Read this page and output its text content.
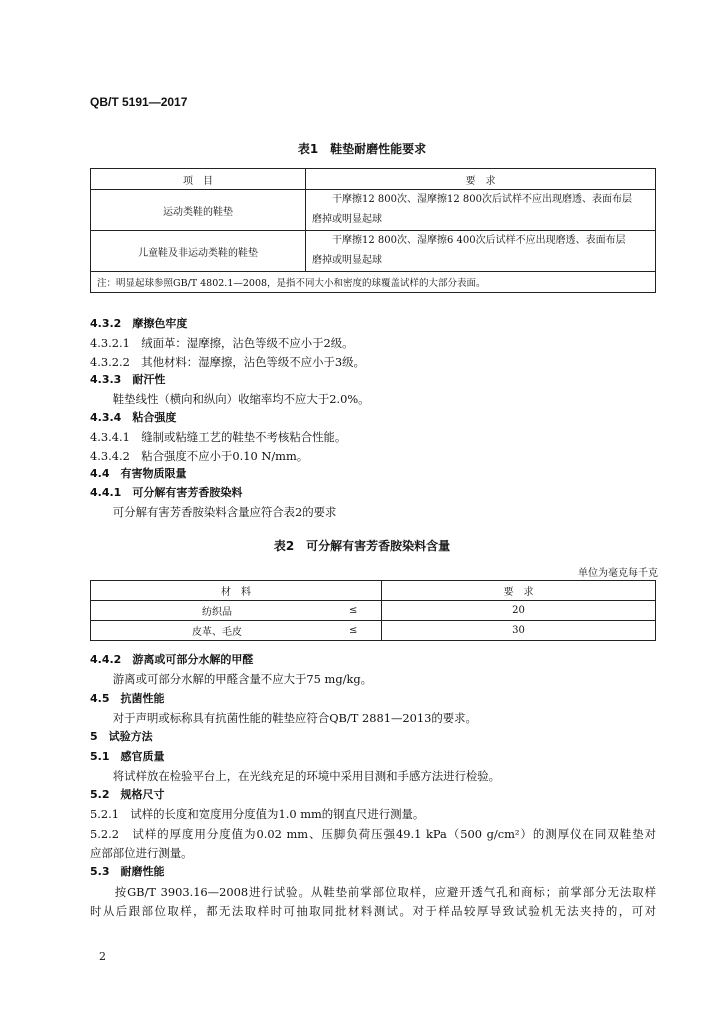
QB/T 5191—2017
表1　鞋垫耐磨性能要求
项　目	要　求
运动类鞋的鞋垫	干摩擦12 800次、湿摩擦12 800次后试样不应出现磨透、表面布层
磨掉或明显起球

儿童鞋及非运动类鞋的鞋垫	干摩擦12 800次、湿摩擦6 400次后试样不应出现磨透、表面布层
磨掉或明显起球

注：明显起球参照GB/T 4802.1—2008，是指不同大小和密度的球覆盖试样的大部分表面。	
4.3.2　摩擦色牢度
4.3.2.1　绒面革：湿摩擦，沾色等级不应小于2级。
4.3.2.2　其他材料：湿摩擦，沾色等级不应小于3级。
4.3.3　耐汗性
　　鞋垫线性（横向和纵向）收缩率均不应大于2.0%。
4.3.4　粘合强度
4.3.4.1　缝制或粘缝工艺的鞋垫不考核粘合性能。
4.3.4.2　粘合强度不应小于0.10 N/mm。
4.4　有害物质限量
4.4.1　可分解有害芳香胺染料
　　可分解有害芳香胺染料含量应符合表2的要求
表2　可分解有害芳香胺染料含量
单位为毫克每千克
材　料		要　求
纺织品	≤	20
皮革、毛皮	≤	30
4.4.2　游离或可部分水解的甲醛
　　游离或可部分水解的甲醛含量不应大于75 mg/kg。
4.5　抗菌性能
　　对于声明或标称具有抗菌性能的鞋垫应符合QB/T 2881—2013的要求。
5　试验方法
5.1　感官质量
　　将试样放在检验平台上，在光线充足的环境中采用目测和手感方法进行检验。
5.2　规格尺寸
5.2.1　试样的长度和宽度用分度值为1.0 mm的钢直尺进行测量。
5.2.2　试样的厚度用分度值为0.02 mm、压脚负荷压强49.1 kPa（500 g/cm²）的测厚仪在同双鞋垫对
应部部位进行测量。
5.3　耐磨性能
　　按GB/T 3903.16—2008进行试验。从鞋垫前掌部位取样，应避开透气孔和商标；前掌部分无法取样
时从后跟部位取样，都无法取样时可抽取同批材料测试。对于样品较厚导致试验机无法夹持的，可对
2
